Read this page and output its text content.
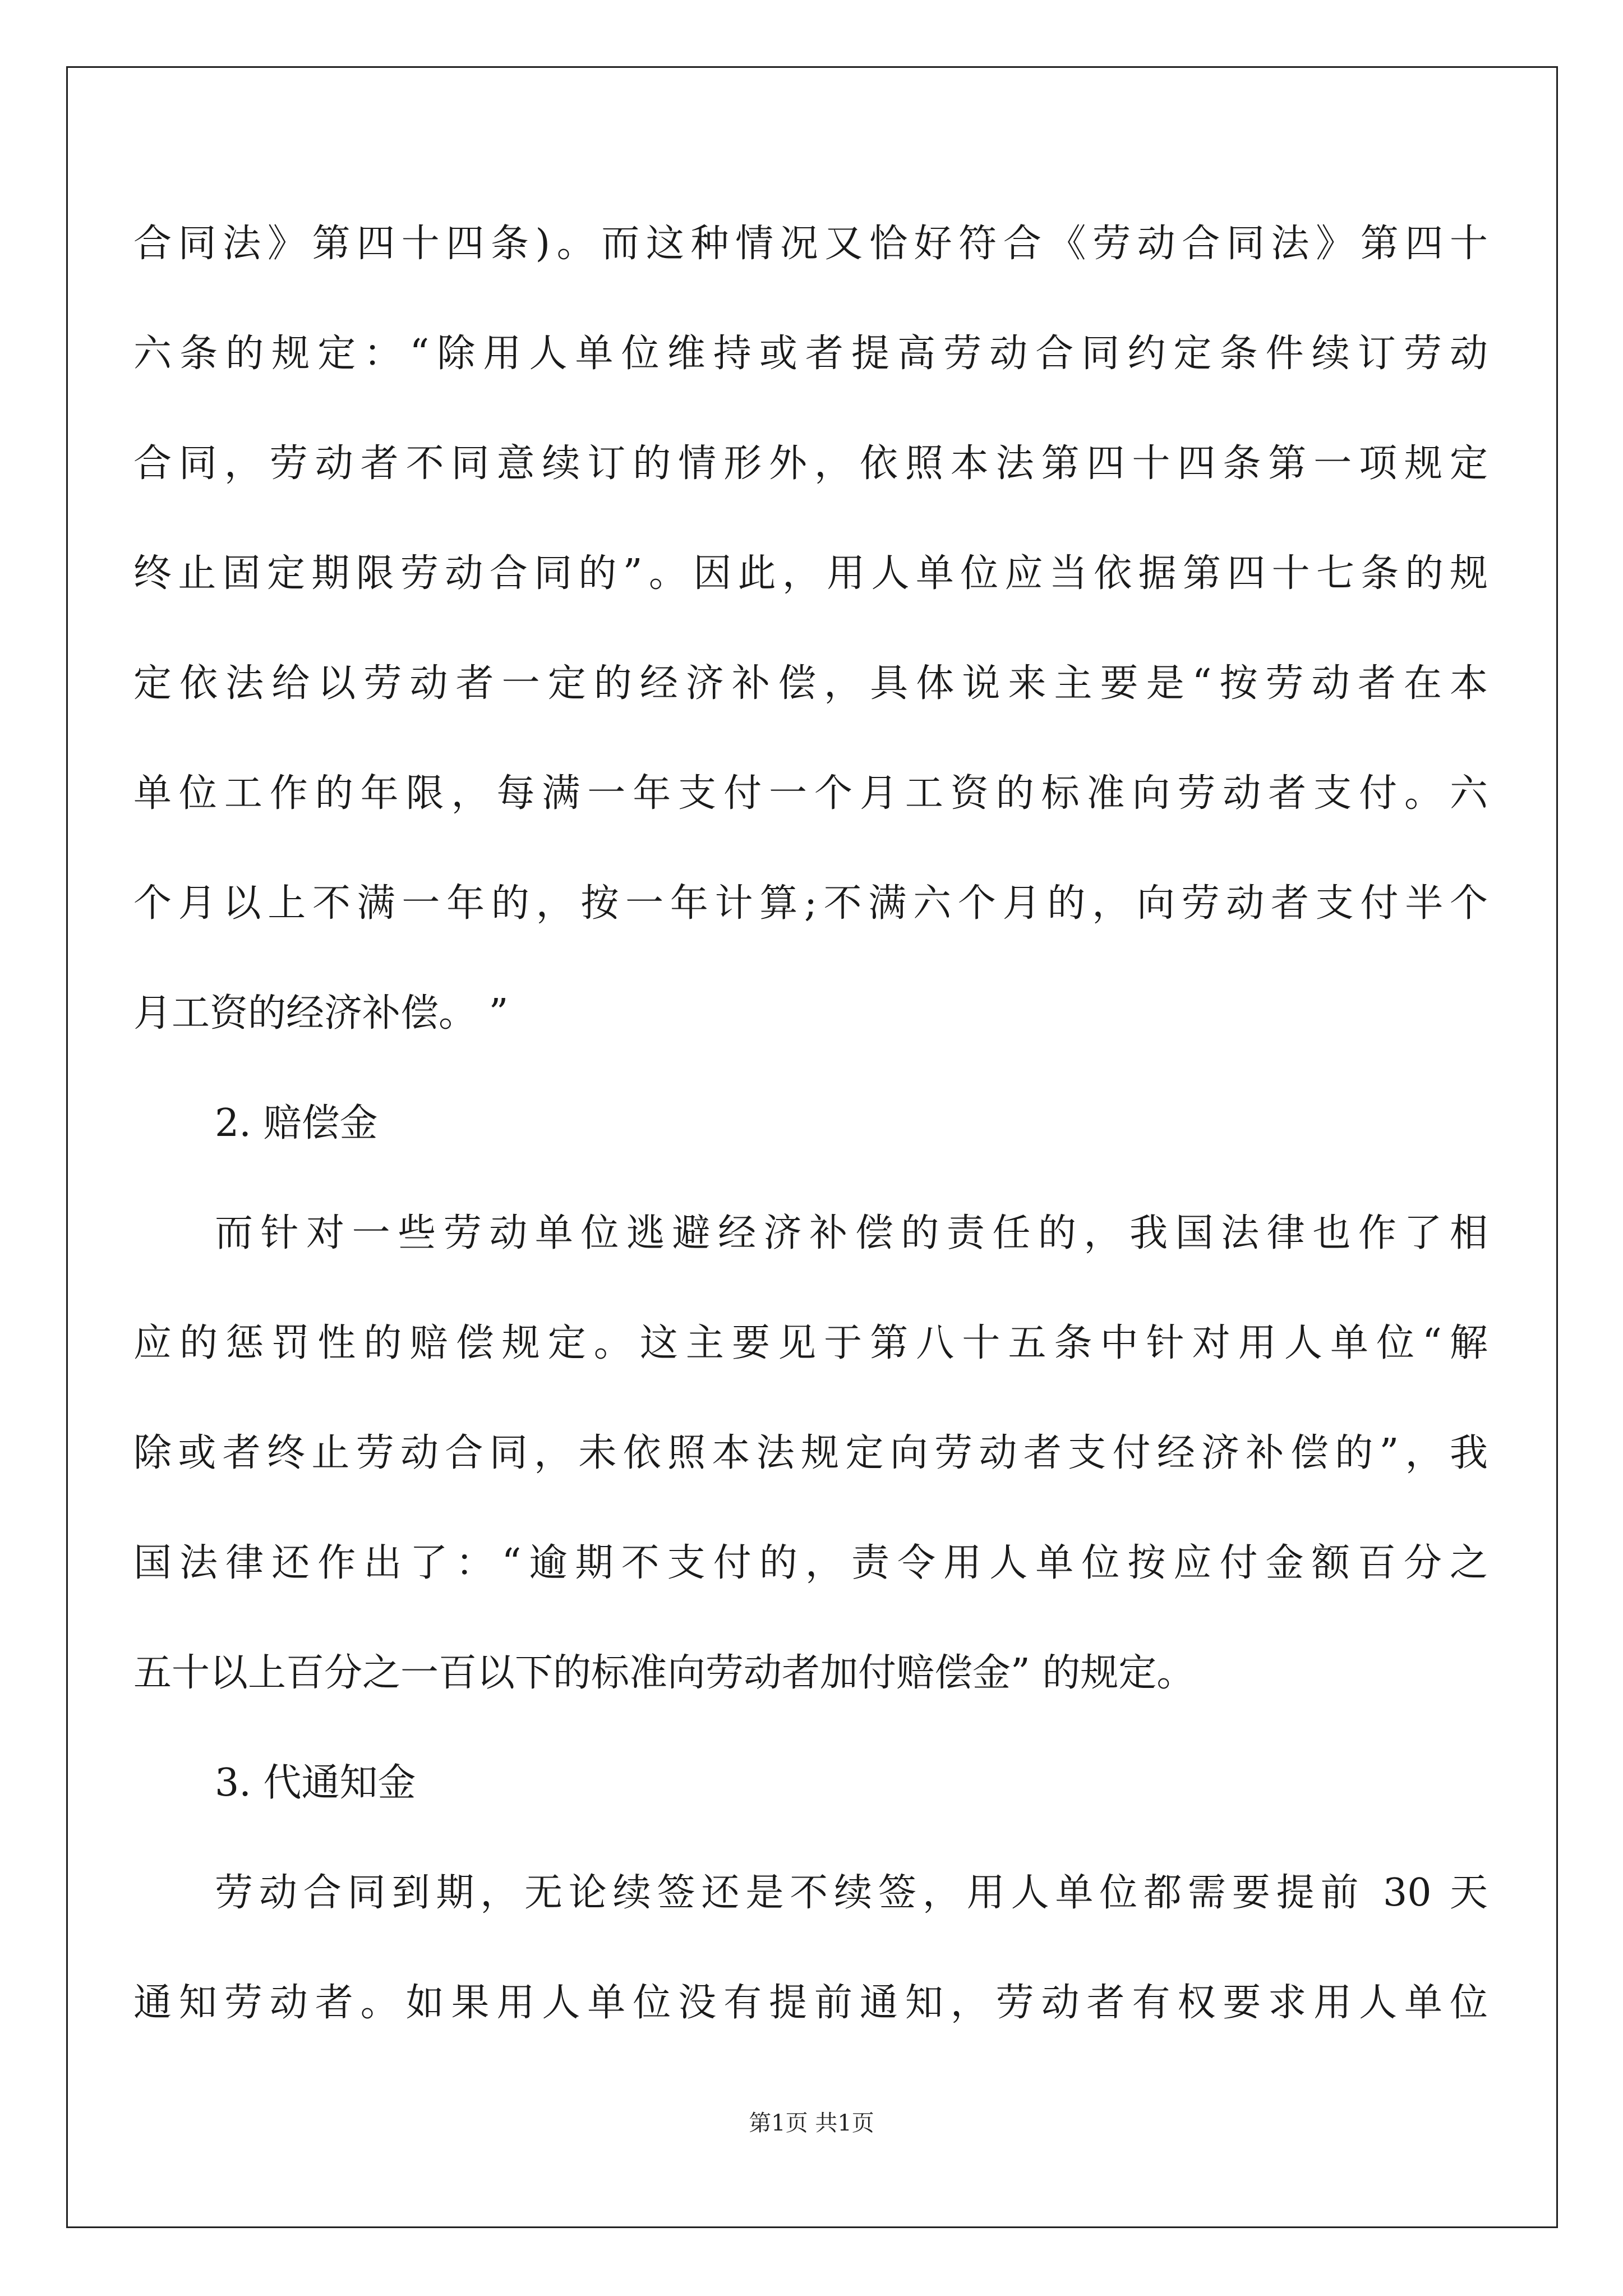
合同法》第四十四条)。而这种情况又恰好符合《劳动合同法》第四十
六条的规定：“除用人单位维持或者提高劳动合同约定条件续订劳动
合同，劳动者不同意续订的情形外，依照本法第四十四条第一项规定
终止固定期限劳动合同的”。因此，用人单位应当依据第四十七条的规
定依法给以劳动者一定的经济补偿，具体说来主要是“按劳动者在本
单位工作的年限，每满一年支付一个月工资的标准向劳动者支付。六
个月以上不满一年的，按一年计算;不满六个月的，向劳动者支付半个
月工资的经济补偿。 ”
2. 赔偿金
而针对一些劳动单位逃避经济补偿的责任的，我国法律也作了相
应的惩罚性的赔偿规定。这主要见于第八十五条中针对用人单位“解
除或者终止劳动合同，未依照本法规定向劳动者支付经济补偿的”，我
国法律还作出了：“逾期不支付的，责令用人单位按应付金额百分之
五十以上百分之一百以下的标准向劳动者加付赔偿金” 的规定。
3. 代通知金
劳动合同到期，无论续签还是不续签，用人单位都需要提前 30 天
通知劳动者。如果用人单位没有提前通知，劳动者有权要求用人单位
第1页 共1页
